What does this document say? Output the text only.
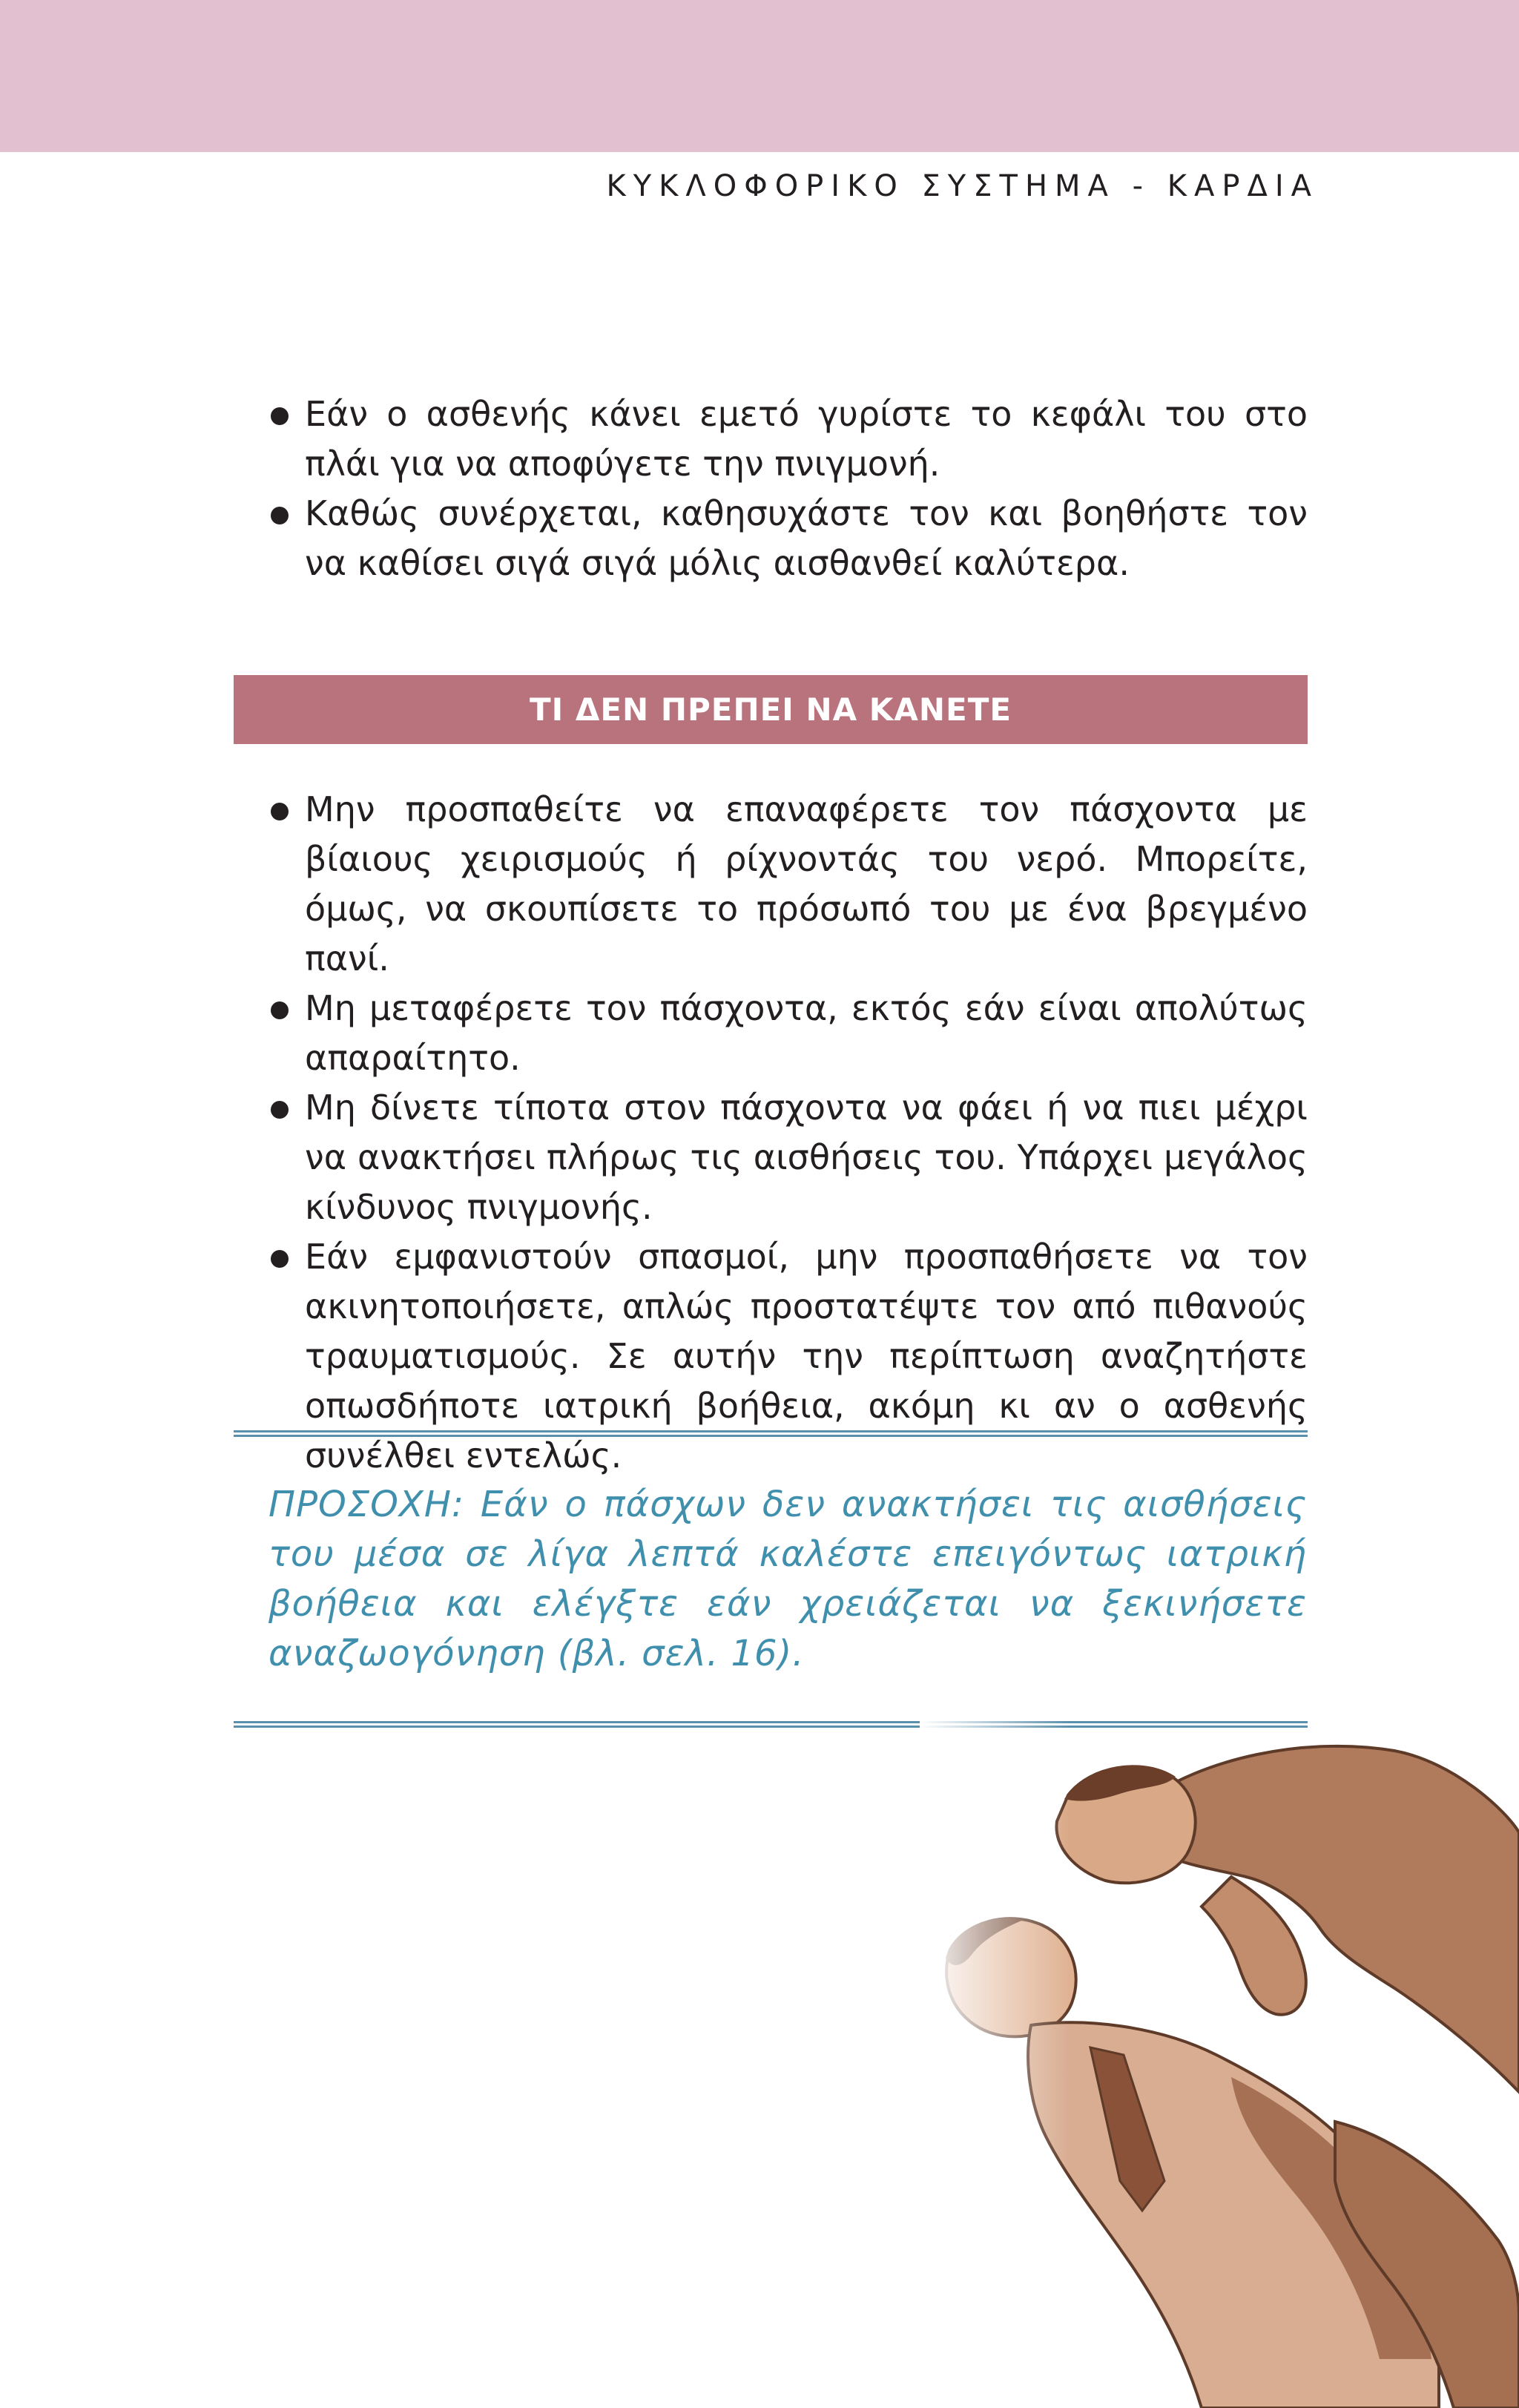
ΚΥΚΛΟΦΟΡΙΚΟ ΣΥΣΤΗΜΑ - ΚΑΡΔΙΑ
Εάν ο ασθενής κάνει εμετό γυρίστε το κεφάλι του στο πλάι για να αποφύγετε την πνιγμονή.
Καθώς συνέρχεται, καθησυχάστε τον και βοηθήστε τον να καθίσει σιγά σιγά μόλις αισθανθεί καλύτερα.
ΤΙ ΔΕΝ ΠΡΕΠΕΙ ΝΑ ΚΑΝΕΤΕ
Μην προσπαθείτε να επαναφέρετε τον πάσχοντα με βίαιους χειρισμούς ή ρίχνοντάς του νερό. Μπορείτε, όμως, να σκουπίσετε το πρόσωπό του με ένα βρεγμένο πανί.
Μη μεταφέρετε τον πάσχοντα, εκτός εάν είναι απολύτως απαραίτητο.
Μη δίνετε τίποτα στον πάσχοντα να φάει ή να πιει μέχρι να ανακτήσει πλήρως τις αισθήσεις του. Υπάρχει μεγάλος κίνδυνος πνιγμονής.
Εάν εμφανιστούν σπασμοί, μην προσπαθήσετε να τον ακινητοποιήσετε, απλώς προστατέψτε τον από πιθανούς τραυματισμούς. Σε αυτήν την περίπτωση αναζητήστε οπωσδήποτε ιατρική βοήθεια, ακόμη κι αν ο ασθενής συνέλθει εντελώς.
ΠΡΟΣΟΧΗ: Εάν ο πάσχων δεν ανακτήσει τις αισθήσεις του μέσα σε λίγα λεπτά καλέστε επειγόντως ιατρική βοήθεια και ελέγξτε εάν χρειάζεται να ξεκινήσετε αναζωογόνηση (βλ. σελ. 16).
